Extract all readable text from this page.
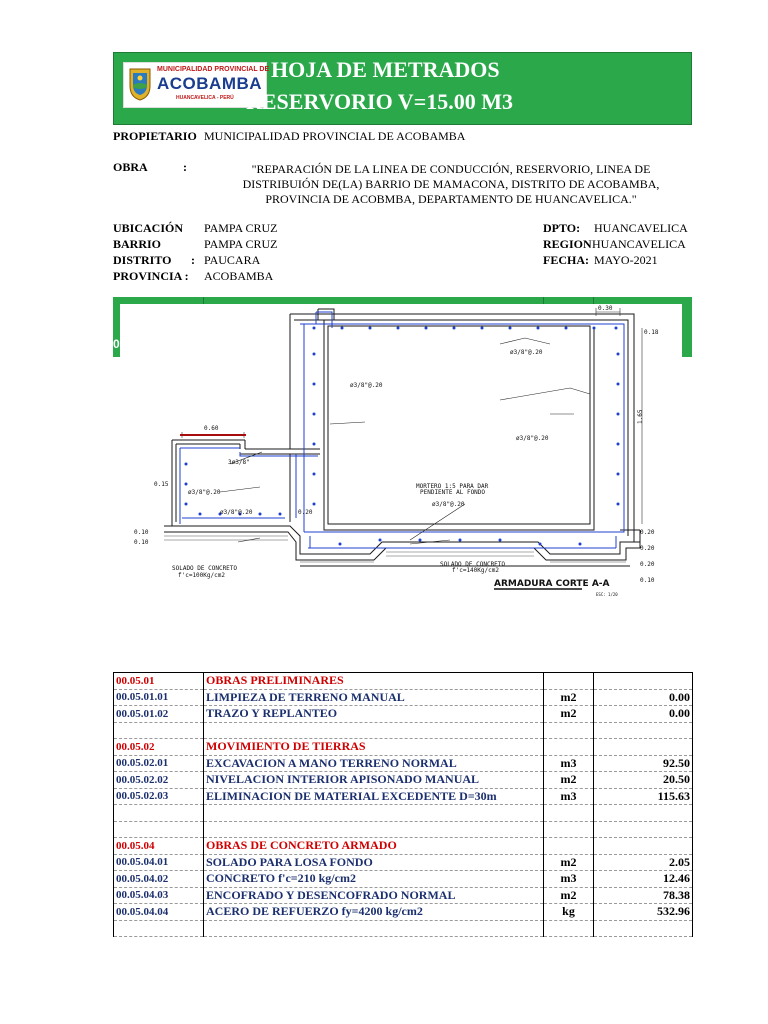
MUNICIPALIDAD PROVINCIAL DE
ACOBAMBA
HUANCAVELICA - PERÚ
HOJA DE METRADOS
RESERVORIO V=15.00 M3
PROPIETARIO MUNICIPALIDAD PROVINCIAL DE ACOBAMBA
OBRA	:	"REPARACIÓN DE LA LINEA DE CONDUCCIÓN, RESERVORIO, LINEA DE
DISTRIBUIÓN DE(LA) BARRIO DE MAMACONA, DISTRITO DE ACOBAMBA,
PROVINCIA DE ACOBMBA, DEPARTAMENTO DE HUANCAVELICA."
UBICACIÓN PAMPA CRUZ
BARRIO	PAMPA CRUZ
DISTRITO : PAUCARA
PROVINCIA : ACOBAMBA
DPTO: HUANCAVELICA
REGION HUANCAVELICA
FECHA: MAYO-2021
0
0.30
0.18
ø3/8"@.20
ø3/8"@.20
1.65
ø3/8"@.20
0.60
3ø3/8"
ø3/8"@.20
MORTERO 1:5 PARA DAR
PENDIENTE AL FONDO
ø3/8"@.20
ø3/8"@.20	0.20
0.20
0.10
0.10
0.15
0.20
0.20
0.10
SOLADO DE CONCRETO
f'c=100Kg/cm2
SOLADO DE CONCRETO
f'c=140Kg/cm2
ARMADURA CORTE A-A
ESC: 1/20
00.05.01	OBRAS PRELIMINARES		
00.05.01.01	LIMPIEZA DE TERRENO MANUAL	m2	0.00
00.05.01.02	TRAZO Y REPLANTEO	m2	0.00

00.05.02	MOVIMIENTO DE TIERRAS		
00.05.02.01	EXCAVACION A MANO TERRENO NORMAL	m3	92.50
00.05.02.02	NIVELACION INTERIOR APISONADO MANUAL	m2	20.50
00.05.02.03	ELIMINACION DE MATERIAL EXCEDENTE D=30m	m3	115.63

00.05.04	OBRAS DE CONCRETO ARMADO		
00.05.04.01	SOLADO PARA LOSA FONDO	m2	2.05
00.05.04.02	CONCRETO f'c=210 kg/cm2	m3	12.46
00.05.04.03	ENCOFRADO Y DESENCOFRADO NORMAL	m2	78.38
00.05.04.04	ACERO DE REFUERZO fy=4200 kg/cm2	kg	532.96
